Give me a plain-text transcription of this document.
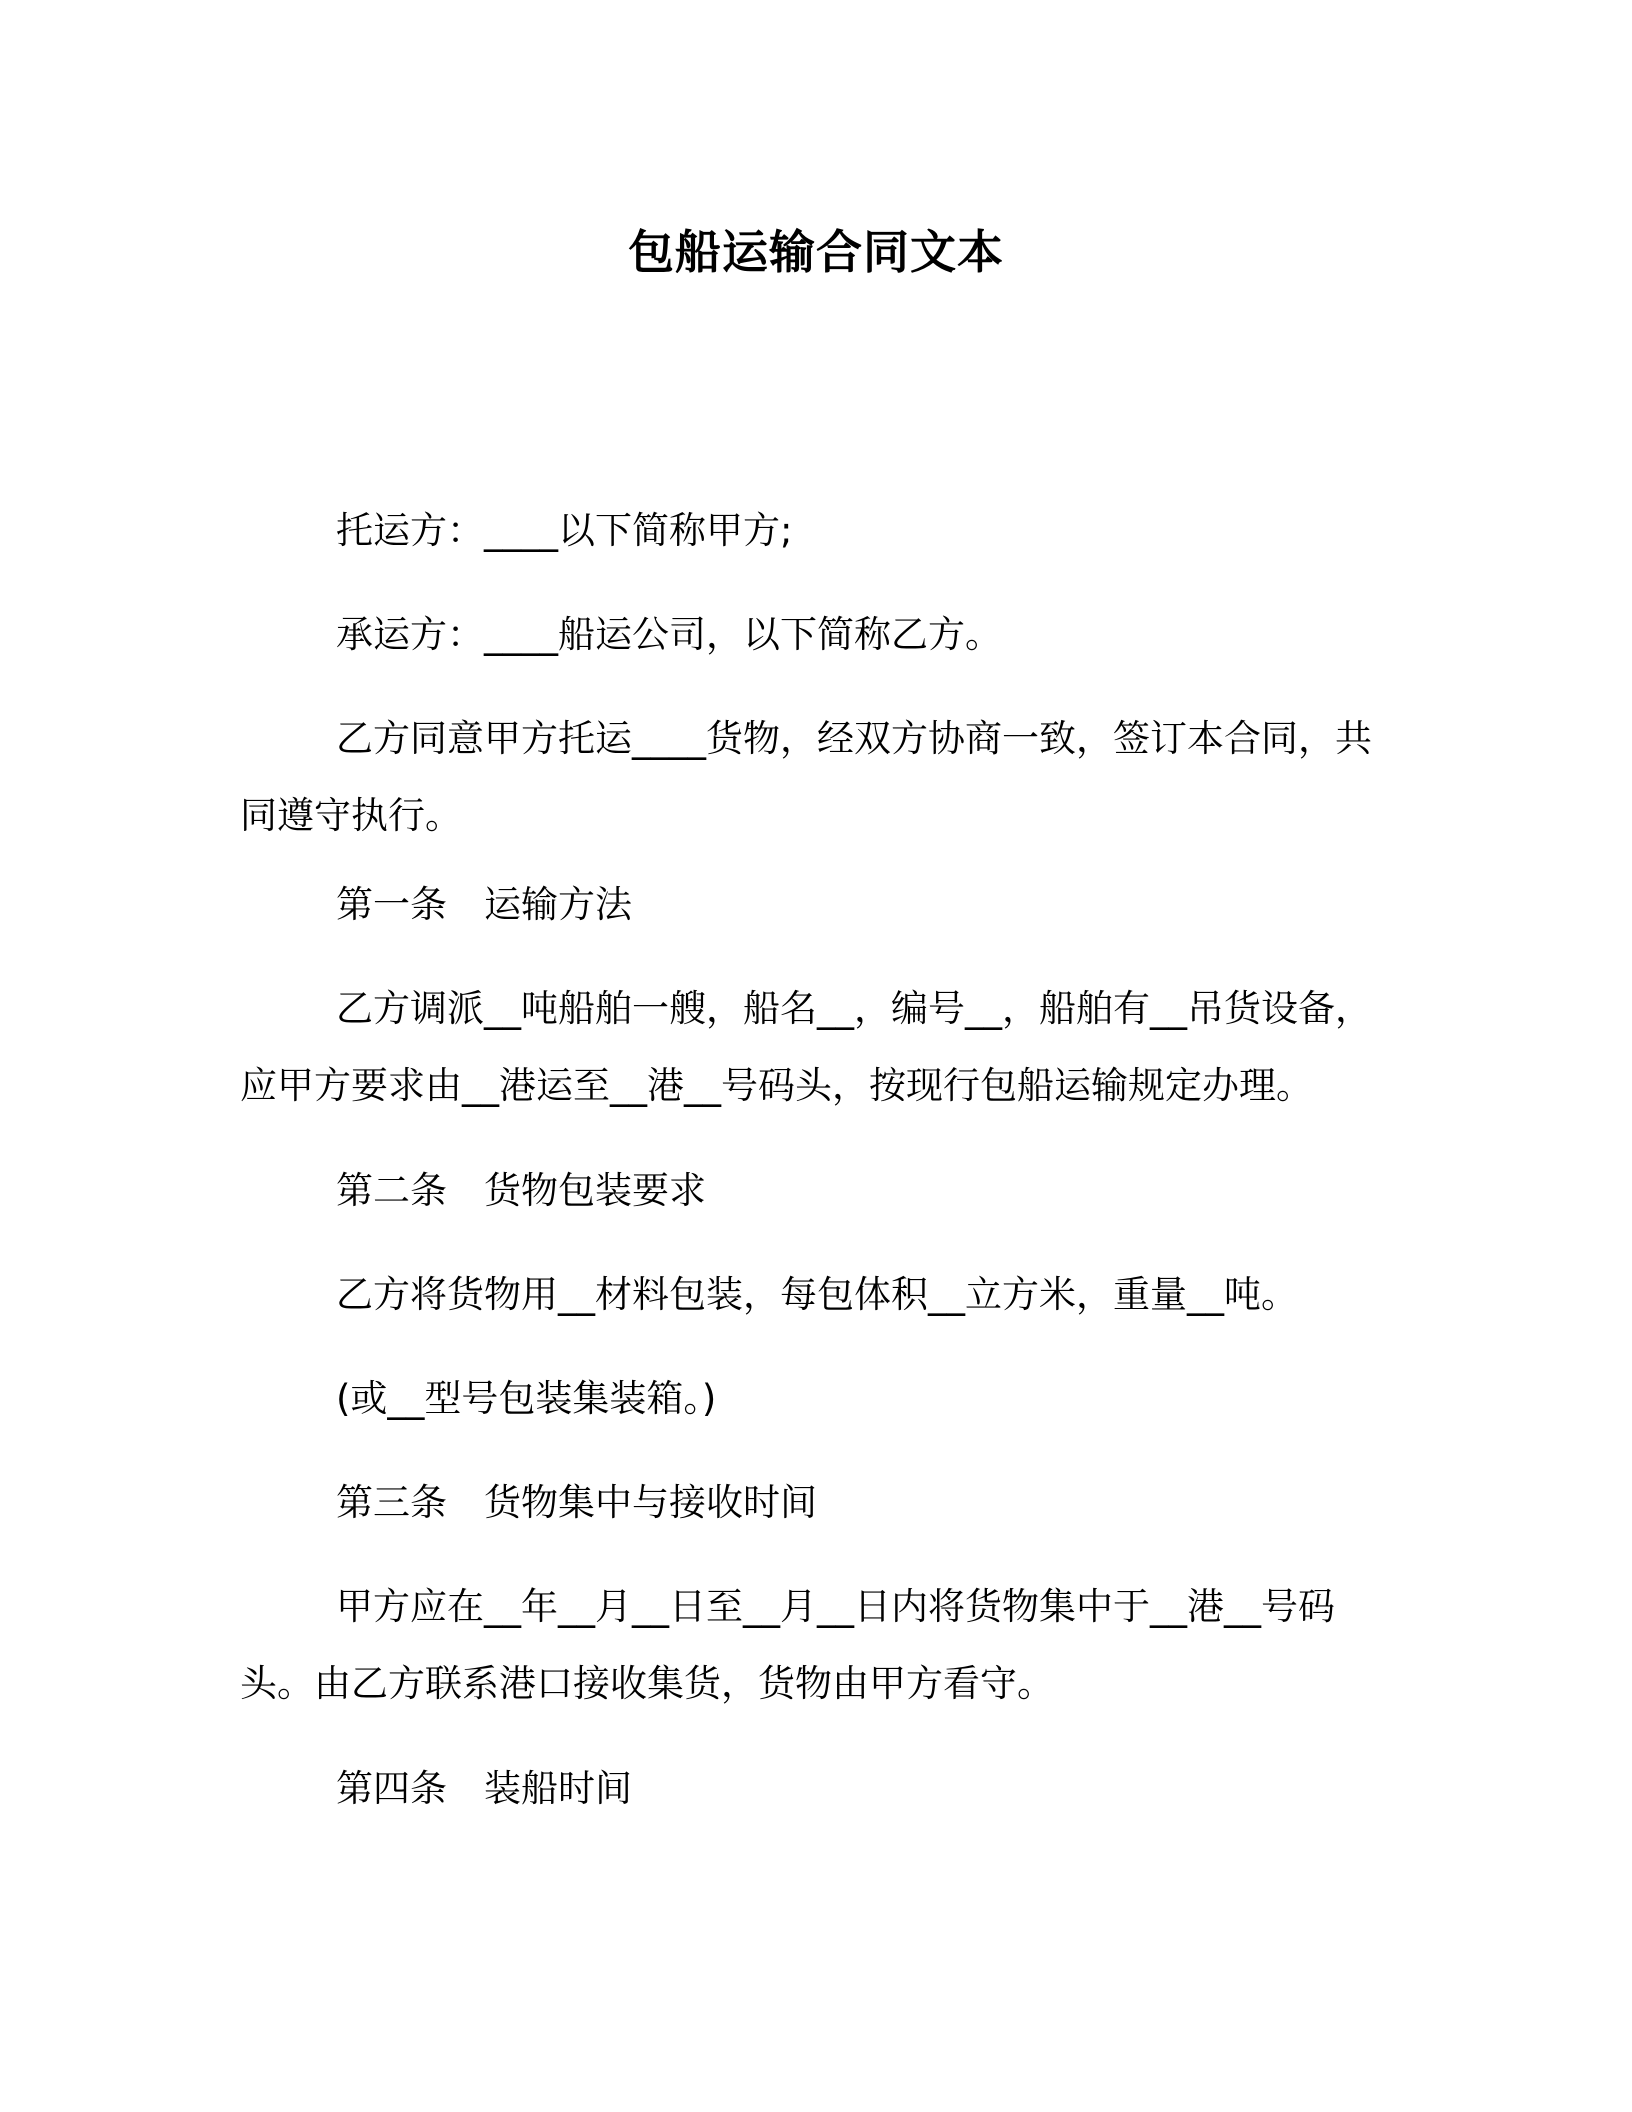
包船运输合同文本

托运方：____以下简称甲方;

承运方：____船运公司，以下简称乙方。

乙方同意甲方托运____货物，经双方协商一致，签订本合同，共同遵守执行。

第一条　运输方法

乙方调派__吨船舶一艘，船名__，编号__，船舶有__吊货设备，应甲方要求由__港运至__港__号码头，按现行包船运输规定办理。

第二条　货物包装要求

乙方将货物用__材料包装，每包体积__立方米，重量__吨。

(或__型号包装集装箱。)

第三条　货物集中与接收时间

甲方应在__年__月__日至__月__日内将货物集中于__港__号码头。由乙方联系港口接收集货，货物由甲方看守。

第四条　装船时间
